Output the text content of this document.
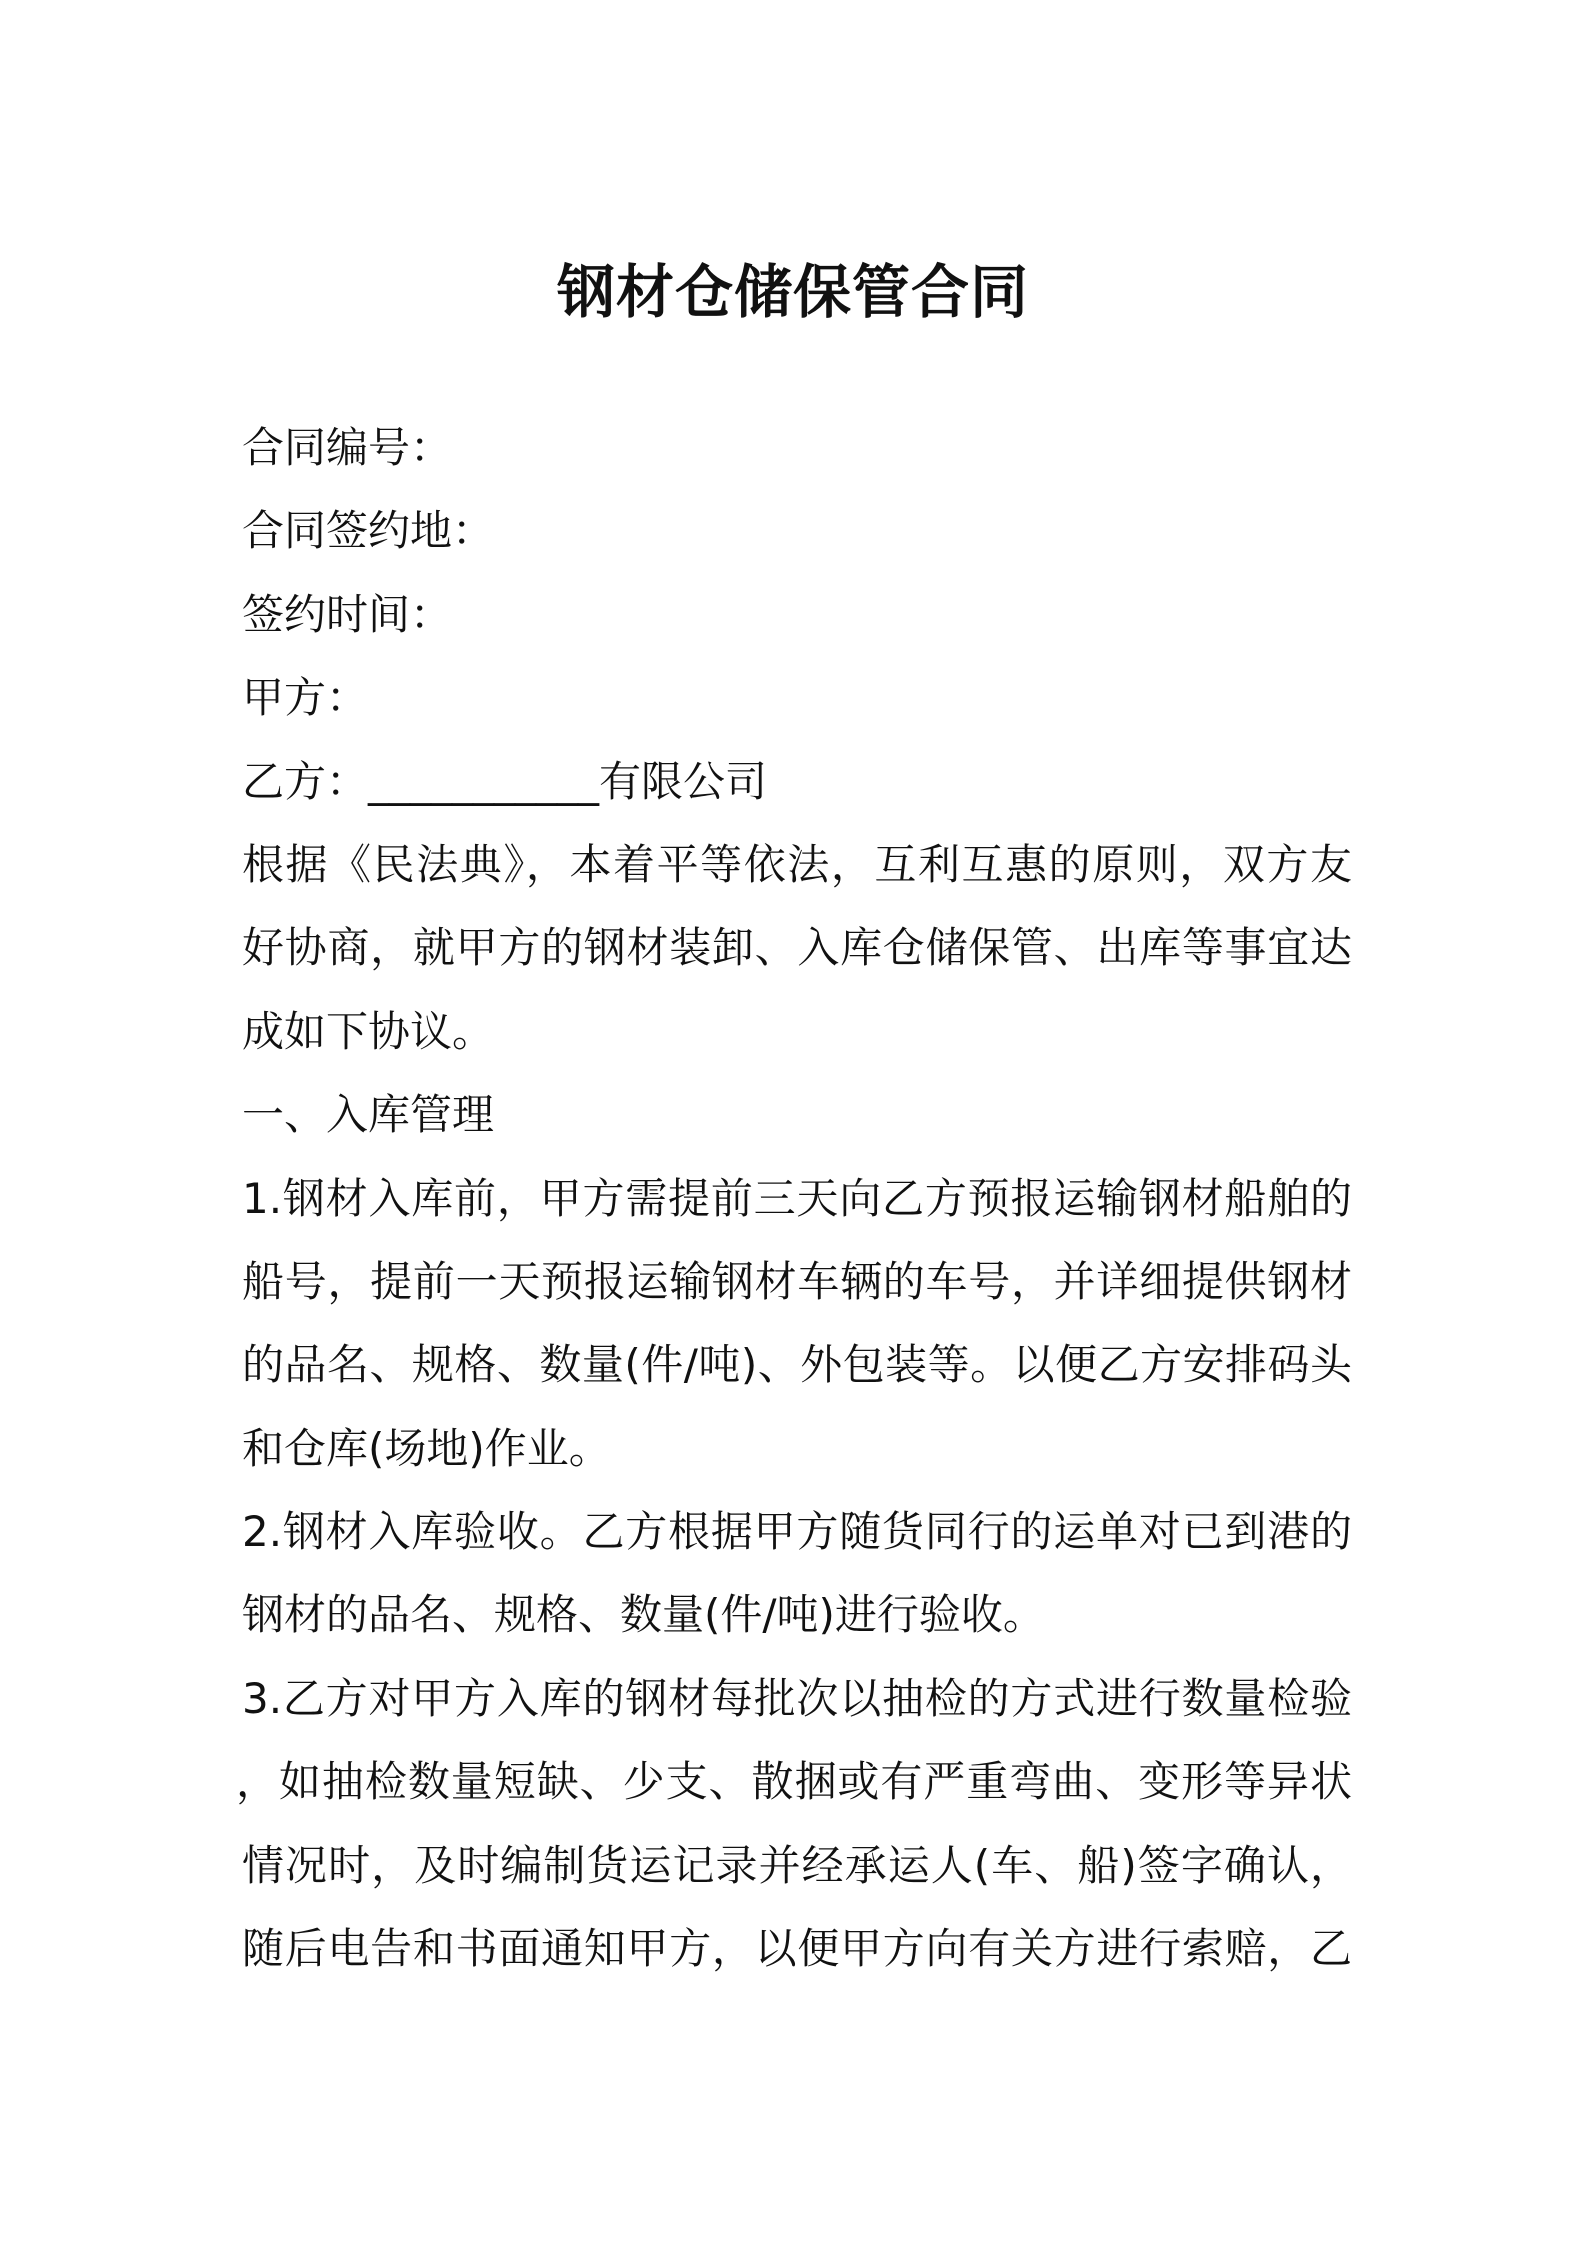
钢材仓储保管合同
合同编号：
合同签约地：
签约时间：
甲方：
乙方：___________有限公司
根据《民法典》，本着平等依法，互利互惠的原则，双方友
好协商，就甲方的钢材装卸、入库仓储保管、出库等事宜达
成如下协议。
一、入库管理
1.钢材入库前，甲方需提前三天向乙方预报运输钢材船舶的
船号，提前一天预报运输钢材车辆的车号，并详细提供钢材
的品名、规格、数量(件/吨)、外包装等。以便乙方安排码头
和仓库(场地)作业。
2.钢材入库验收。乙方根据甲方随货同行的运单对已到港的
钢材的品名、规格、数量(件/吨)进行验收。
3.乙方对甲方入库的钢材每批次以抽检的方式进行数量检验
，如抽检数量短缺、少支、散捆或有严重弯曲、变形等异状
情况时，及时编制货运记录并经承运人(车、船)签字确认，
随后电告和书面通知甲方，以便甲方向有关方进行索赔，乙
